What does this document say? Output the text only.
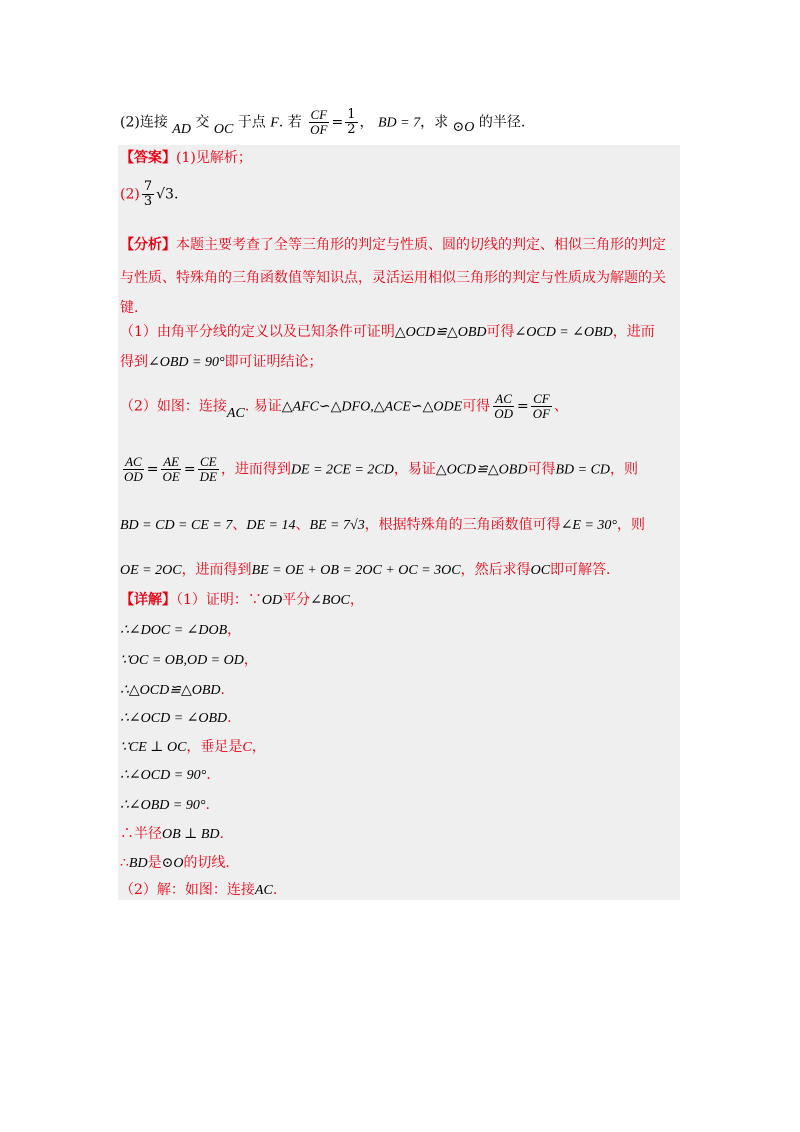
(2)连接 AD 交 OC 于点 F. 若 $\frac{CF}{OF} = \frac{1}{2}$ ， BD = 7，求 ⊙O 的半径.
【答案】(1)见解析；
$(2) \frac{7}{3} √3$.
【分析】本题主要考查了全等三角形的判定与性质、圆的切线的判定、相似三角形的判定
与性质、特殊角的三角函数值等知识点，灵活运用相似三角形的判定与性质成为解题的关
键.
（1）由角平分线的定义以及已知条件可证明△OCD≌△OBD可得∠OCD = ∠OBD，进而
得到∠OBD = 90°即可证明结论；
（2）如图：连接AC. 易证△AFC∽△DFO,△ACE∽△ODE可得 $\frac{AC}{OD} = \frac{CF}{OF}$ 、
$\frac{AC}{OD} = \frac{AE}{OE} = \frac{CE}{DE}$ ，进而得到DE = 2CE = 2CD，易证△OCD≌△OBD可得BD = CD，则
BD = CD = CE = 7、DE = 14、BE = 7√3，根据特殊角的三角函数值可得∠E = 30°，则
OE = 2OC，进而得到BE = OE + OB = 2OC + OC = 3OC，然后求得OC即可解答.
【详解】（1）证明：∵OD平分∠BOC，
∴∠DOC = ∠DOB，
∵OC = OB,OD = OD，
∴△OCD≌△OBD.
∴∠OCD = ∠OBD.
∵CE ⊥ OC，垂足是C，
∴∠OCD = 90°.
∴∠OBD = 90°.
∴半径OB ⊥ BD.
∴BD是⊙O的切线.
（2）解：如图：连接AC.
